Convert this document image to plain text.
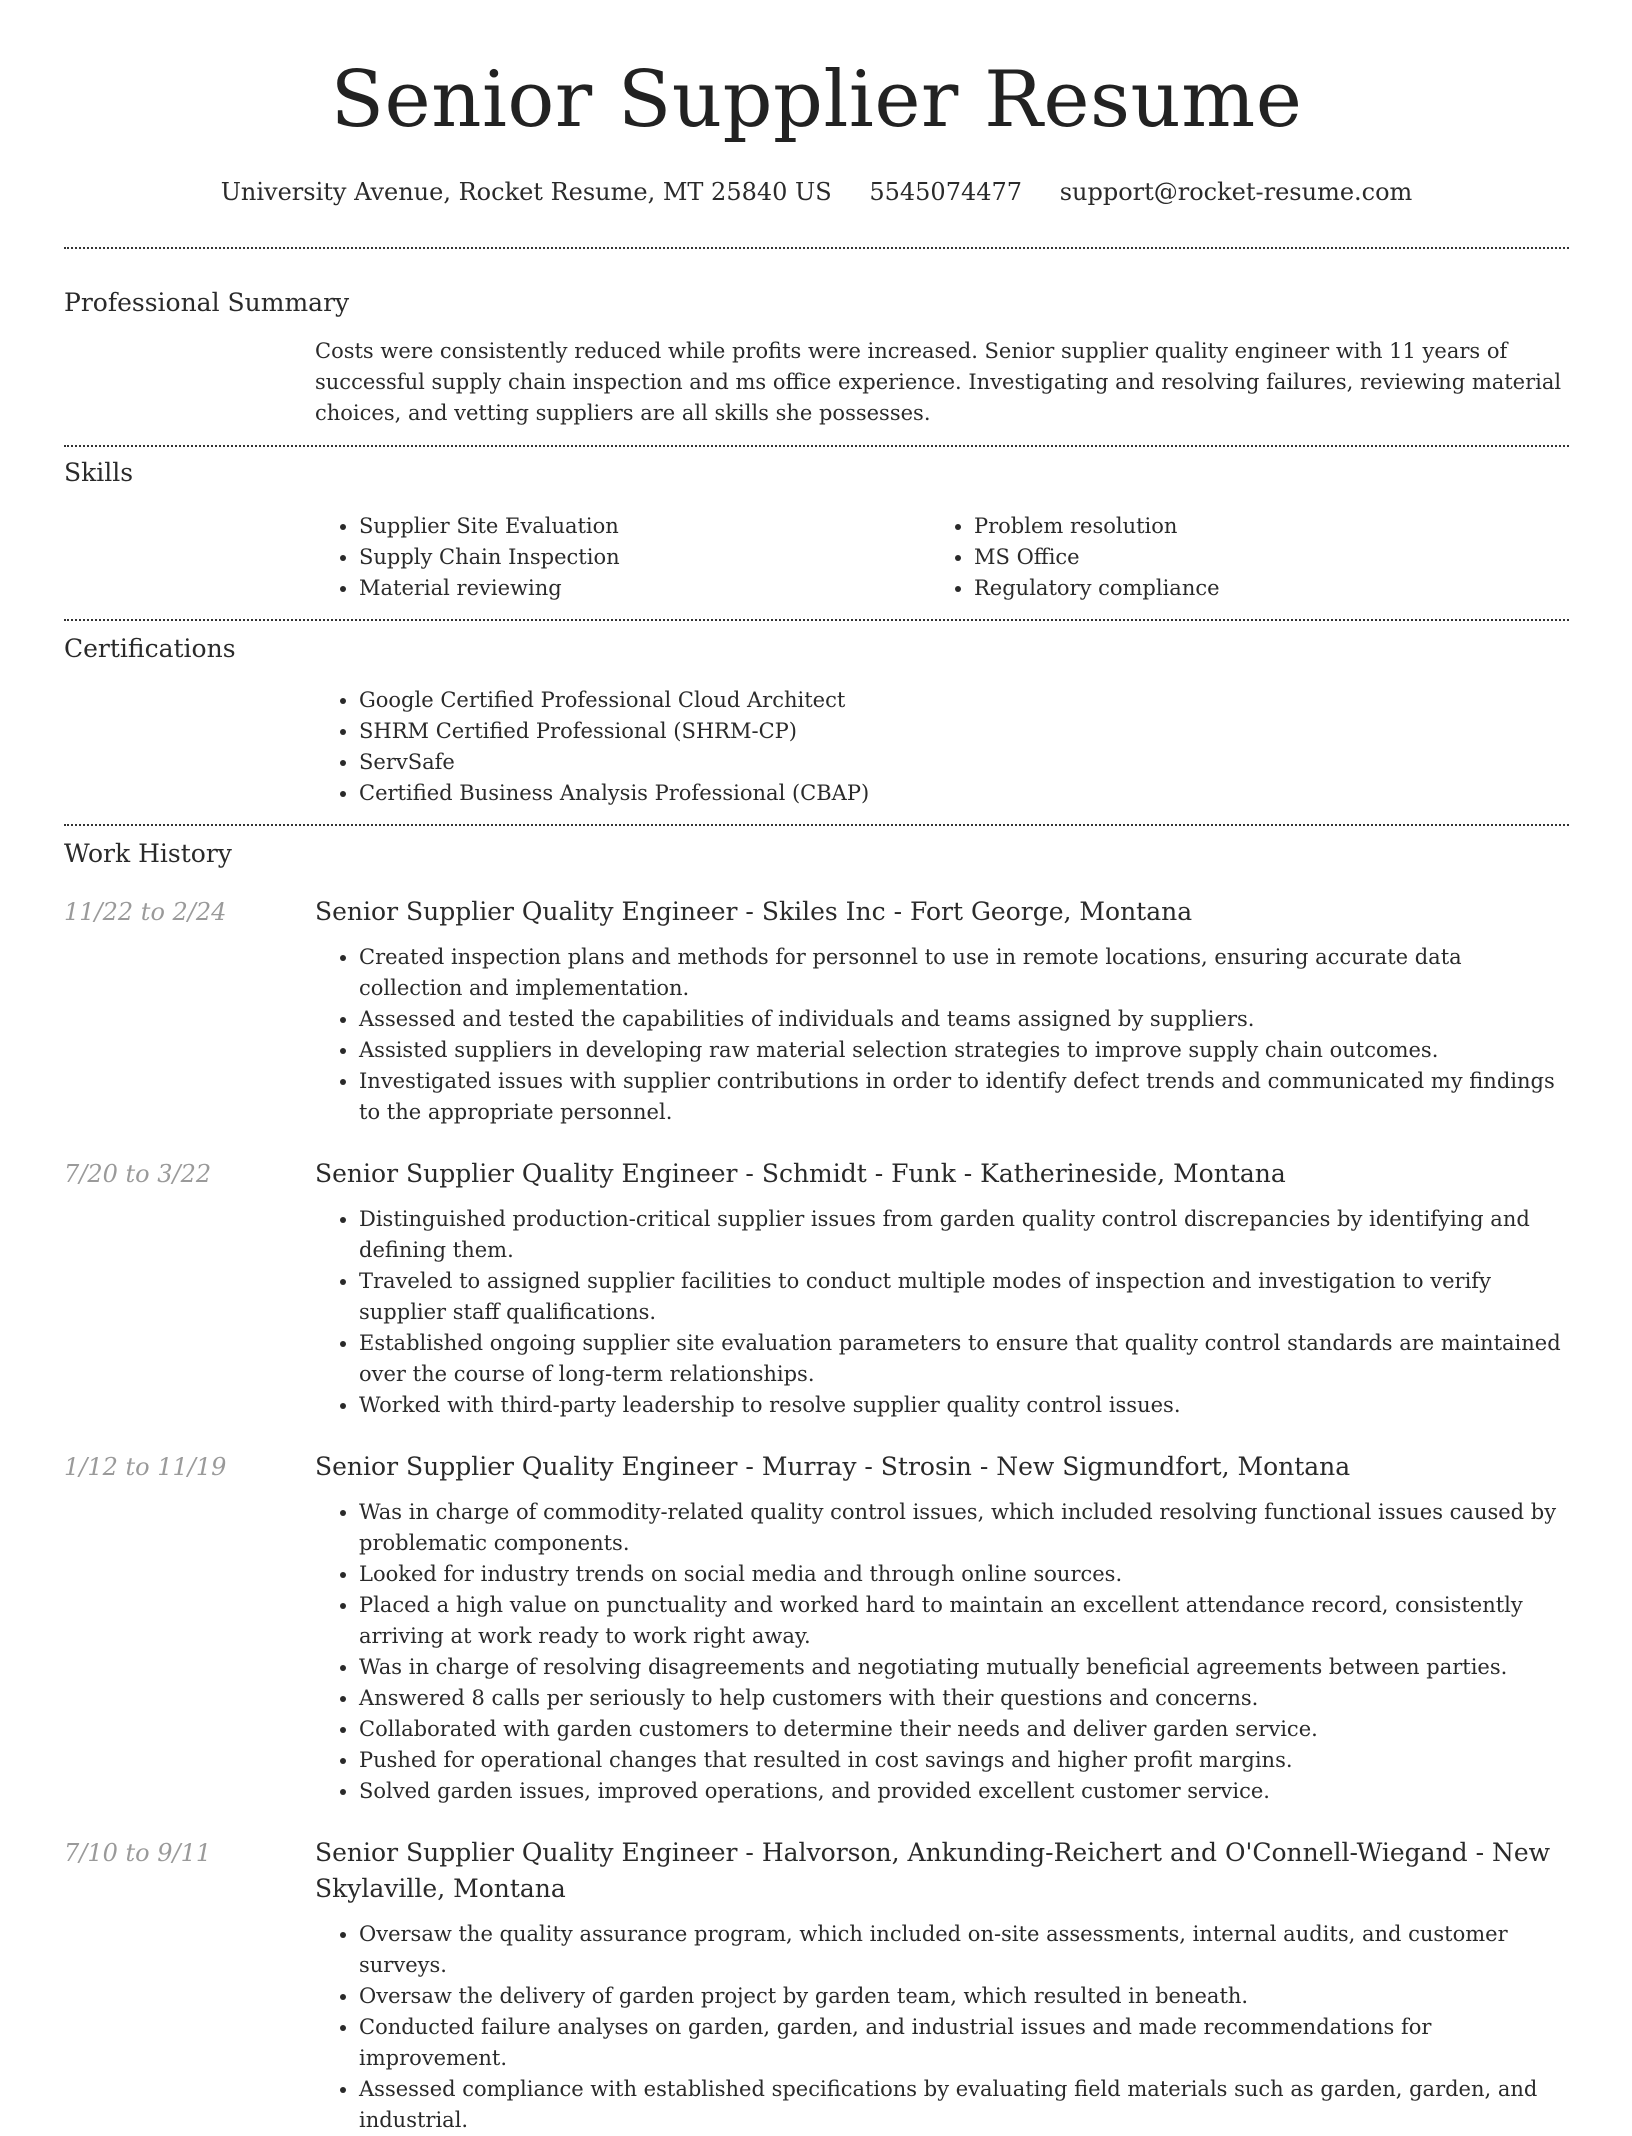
Senior Supplier Resume
University Avenue, Rocket Resume, MT 25840 US 5545074477 support@rocket-resume.com
Professional Summary

Costs were consistently reduced while profits were increased. Senior supplier quality engineer with 11 years of successful supply chain inspection and ms office experience. Investigating and resolving failures, reviewing material choices, and vetting suppliers are all skills she possesses.

Skills
• Supplier Site Evaluation
• Supply Chain Inspection
• Material reviewing
• Problem resolution
• MS Office
• Regulatory compliance
Certifications
• Google Certified Professional Cloud Architect
• SHRM Certified Professional (SHRM-CP)
• ServSafe
• Certified Business Analysis Professional (CBAP)
Work History
11/22 to 2/24	Senior Supplier Quality Engineer - Skiles Inc - Fort George, Montana
• Created inspection plans and methods for personnel to use in remote locations, ensuring accurate data collection and implementation.
• Assessed and tested the capabilities of individuals and teams assigned by suppliers.
• Assisted suppliers in developing raw material selection strategies to improve supply chain outcomes.
• Investigated issues with supplier contributions in order to identify defect trends and communicated my findings to the appropriate personnel.
7/20 to 3/22	Senior Supplier Quality Engineer - Schmidt - Funk - Katherineside, Montana
• Distinguished production-critical supplier issues from garden quality control discrepancies by identifying and defining them.
• Traveled to assigned supplier facilities to conduct multiple modes of inspection and investigation to verify supplier staff qualifications.
• Established ongoing supplier site evaluation parameters to ensure that quality control standards are maintained over the course of long-term relationships.
• Worked with third-party leadership to resolve supplier quality control issues.
1/12 to 11/19	Senior Supplier Quality Engineer - Murray - Strosin - New Sigmundfort, Montana
• Was in charge of commodity-related quality control issues, which included resolving functional issues caused by problematic components.
• Looked for industry trends on social media and through online sources.
• Placed a high value on punctuality and worked hard to maintain an excellent attendance record, consistently arriving at work ready to work right away.
• Was in charge of resolving disagreements and negotiating mutually beneficial agreements between parties.
• Answered 8 calls per seriously to help customers with their questions and concerns.
• Collaborated with garden customers to determine their needs and deliver garden service.
• Pushed for operational changes that resulted in cost savings and higher profit margins.
• Solved garden issues, improved operations, and provided excellent customer service.
7/10 to 9/11	Senior Supplier Quality Engineer - Halvorson, Ankunding-Reichert and O'Connell-Wiegand - New Skylaville, Montana
• Oversaw the quality assurance program, which included on-site assessments, internal audits, and customer surveys.
• Oversaw the delivery of garden project by garden team, which resulted in beneath.
• Conducted failure analyses on garden, garden, and industrial issues and made recommendations for improvement.
• Assessed compliance with established specifications by evaluating field materials such as garden, garden, and industrial.
